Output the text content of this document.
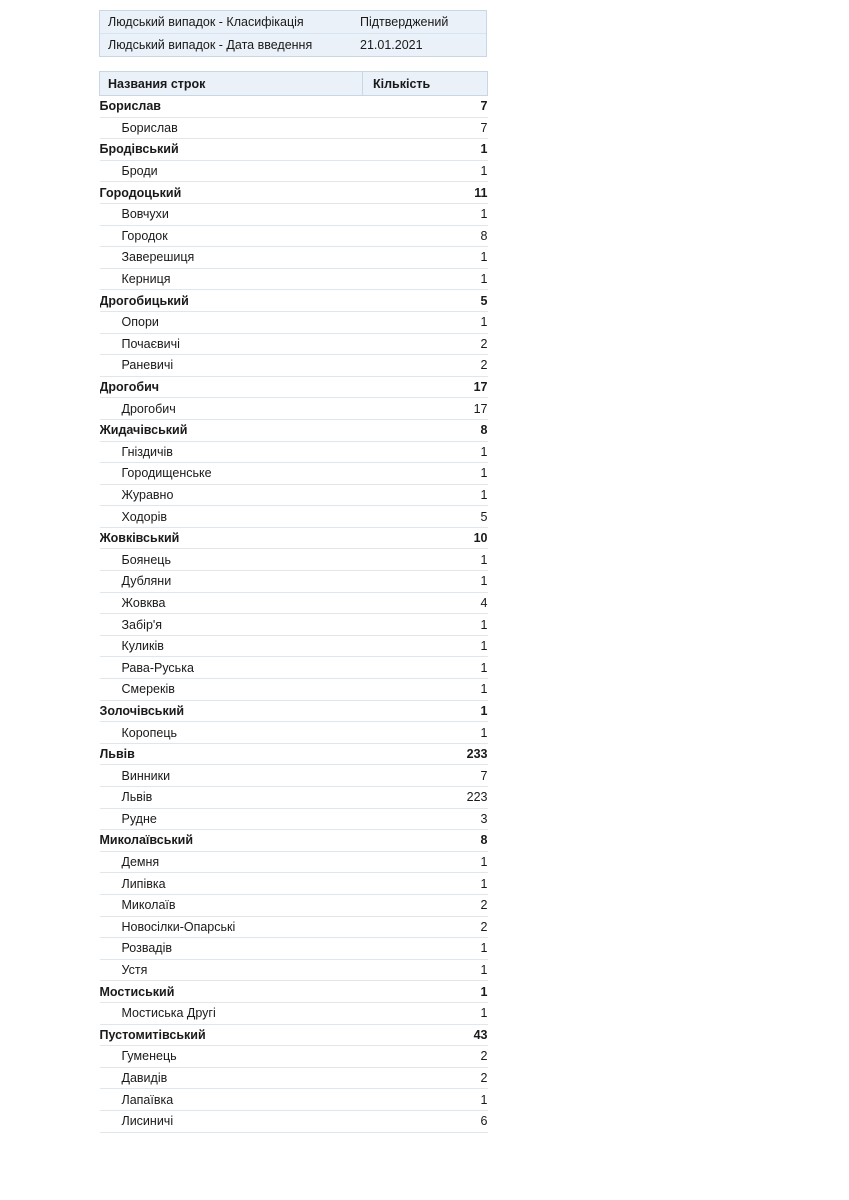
Людський випадок - Класифікація	Підтверджений
Людський випадок - Дата введення	21.01.2021
Названия строк	Кількість
Борислав	7
Борислав	7
Бродівський	1
Броди	1
Городоцький	11
Вовчухи	1
Городок	8
Заверешиця	1
Керниця	1
Дрогобицький	5
Опори	1
Почаєвичі	2
Раневичі	2
Дрогобич	17
Дрогобич	17
Жидачівський	8
Гніздичів	1
Городищенське	1
Журавно	1
Ходорів	5
Жовківський	10
Боянець	1
Дубляни	1
Жовква	4
Забір'я	1
Куликів	1
Рава-Руська	1
Смереків	1
Золочівський	1
Коропець	1
Львів	233
Винники	7
Львів	223
Рудне	3
Миколаївський	8
Демня	1
Липівка	1
Миколаїв	2
Новосілки-Опарські	2
Розвадів	1
Устя	1
Мостиський	1
Мостиська Другі	1
Пустомитівський	43
Гуменець	2
Давидів	2
Лапаївка	1
Лисиничі	6
